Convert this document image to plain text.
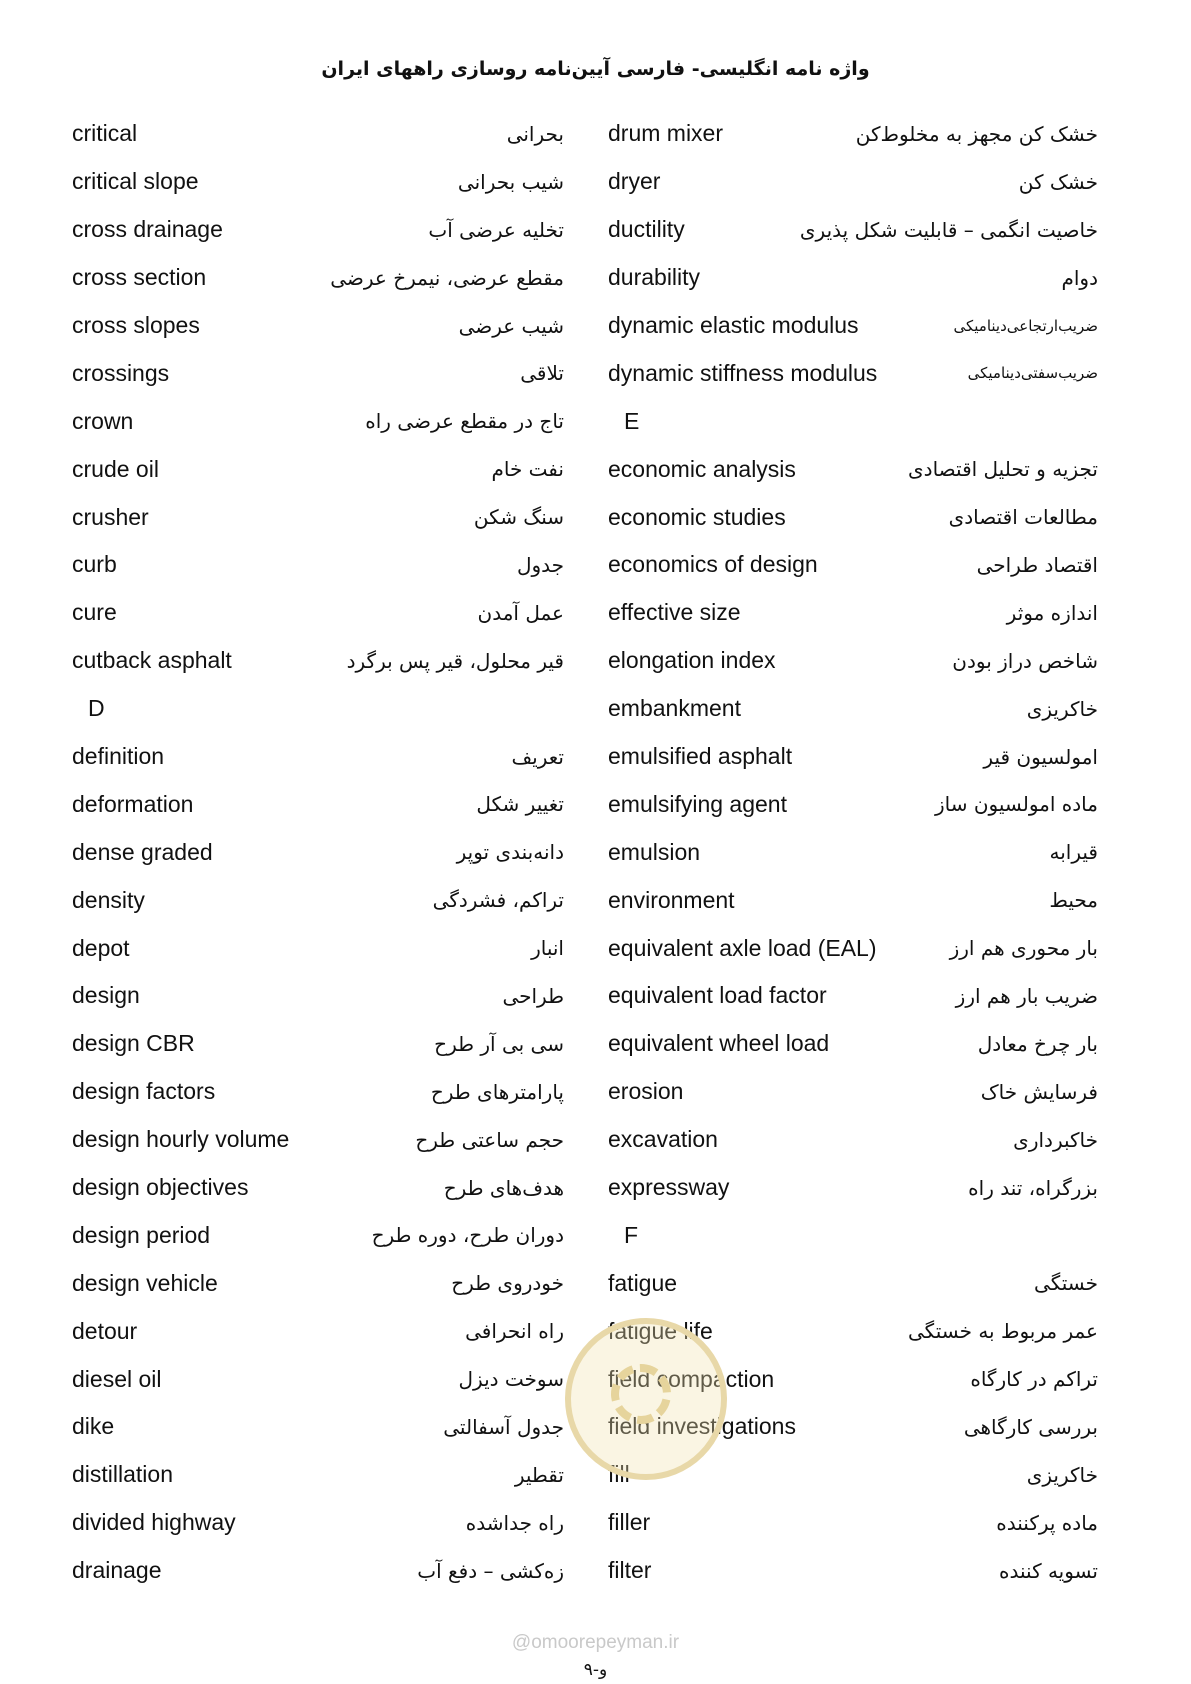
واژه نامه انگلیسی- فارسی آیین‌نامه روسازی راههای ایران
critical	بحرانی
critical slope	شیب بحرانی
cross drainage	تخلیه عرضی آب
cross section	مقطع عرضی، نیمرخ عرضی
cross slopes	شیب عرضی
crossings	تلاقی
crown	تاج در مقطع عرضی راه
crude oil	نفت خام
crusher	سنگ شکن
curb	جدول
cure	عمل آمدن
cutback asphalt	قیر محلول، قیر پس برگرد
D
definition	تعریف
deformation	تغییر شکل
dense graded	دانه‌بندی توپر
density	تراکم، فشردگی
depot	انبار
design	طراحی
design CBR	سی بی آر طرح
design factors	پارامترهای طرح
design hourly volume	حجم ساعتی طرح
design objectives	هدف‌های طرح
design period	دوران طرح، دوره طرح
design vehicle	خودروی طرح
detour	راه انحرافی
diesel oil	سوخت دیزل
dike	جدول آسفالتی
distillation	تقطیر
divided highway	راه جداشده
drainage	زه‌کشی – دفع آب
drum mixer	خشک کن مجهز به مخلوط‌کن
dryer	خشک کن
ductility	خاصیت انگمی – قابلیت شکل پذیری
durability	دوام
dynamic elastic modulus	ضریب‌ارتجاعی‌دینامیکی
dynamic stiffness modulus	ضریب‌سفتی‌دینامیکی
E
economic analysis	تجزیه و تحلیل اقتصادی
economic studies	مطالعات اقتصادی
economics of design	اقتصاد طراحی
effective size	اندازه موثر
elongation index	شاخص دراز بودن
embankment	خاکریزی
emulsified asphalt	امولسیون قیر
emulsifying agent	ماده امولسیون ساز
emulsion	قیرابه
environment	محیط
equivalent axle load (EAL)	بار محوری هم ارز
equivalent load factor	ضریب بار هم ارز
equivalent wheel load	بار چرخ معادل
erosion	فرسایش خاک
excavation	خاکبرداری
expressway	بزرگراه، تند راه
F
fatigue	خستگی
fatigue life	عمر مربوط به خستگی
field compaction	تراکم در کارگاه
field investigations	بررسی کارگاهی
fill	خاکریزی
filler	ماده پرکننده
filter	تسویه کننده
@omoorepeyman.ir
و-۹
